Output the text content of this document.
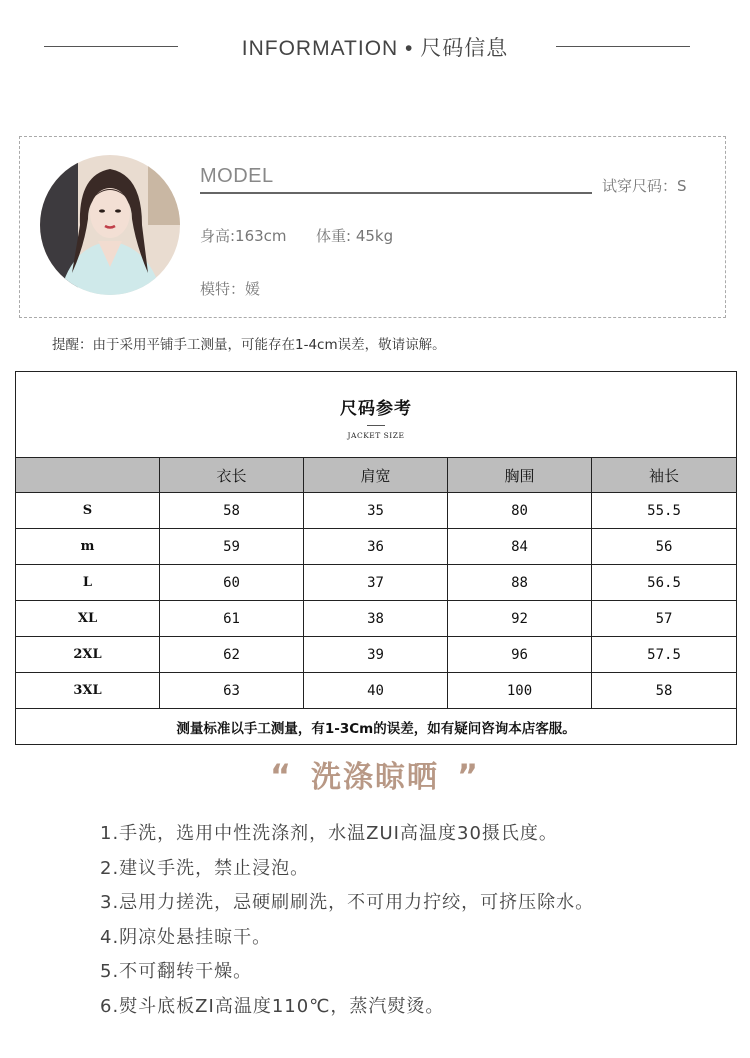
INFORMATION • 尺码信息
MODEL	试穿尺码：S
身高:163cm 体重: 45kg
模特：媛
提醒：由于采用平铺手工测量，可能存在1-4cm误差，敬请谅解。
尺码参考
JACKET SIZE				

	衣长	肩宽	胸围	袖长
S	58	35	80	55.5
m	59	36	84	56
L	60	37	88	56.5
XL	61	38	92	57
2XL	62	39	96	57.5
3XL	63	40	100	58
测量标准以手工测量，有1-3Cm的误差，如有疑问咨询本店客服。				
“ 洗涤晾晒 ”
1.手洗，选用中性洗涤剂，水温ZUI高温度30摄氏度。
2.建议手洗，禁止浸泡。
3.忌用力搓洗，忌硬刷刷洗，不可用力拧绞，可挤压除水。
4.阴凉处悬挂晾干。
5.不可翻转干燥。
6.熨斗底板ZI高温度110℃，蒸汽熨烫。
